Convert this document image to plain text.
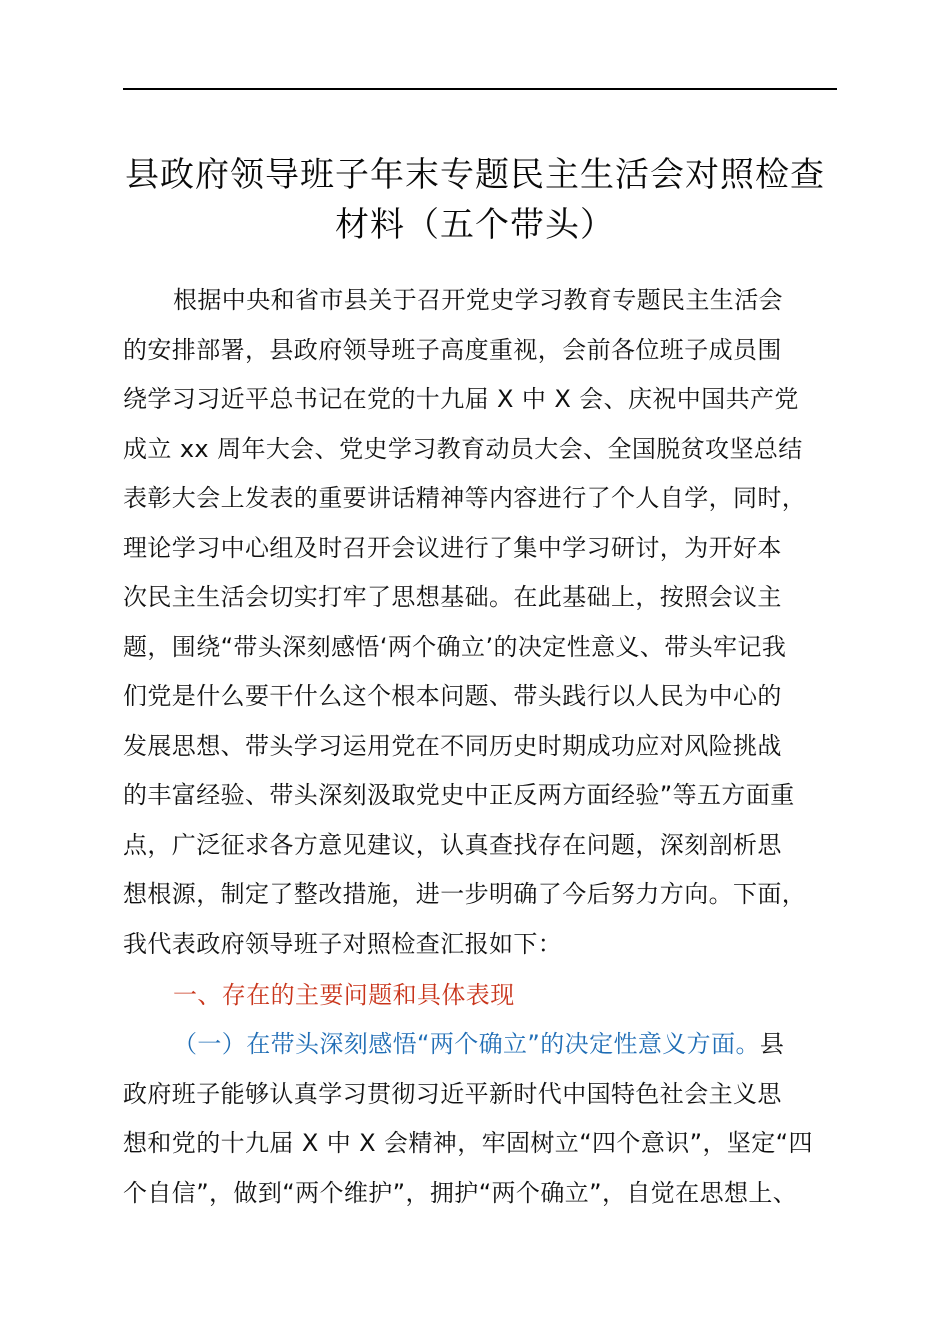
县政府领导班子年末专题民主生活会对照检查
材料（五个带头）
根据中央和省市县关于召开党史学习教育专题民主生活会
的安排部署，县政府领导班子高度重视，会前各位班子成员围
绕学习习近平总书记在党的十九届 X 中 X 会、庆祝中国共产党
成立 xx 周年大会、党史学习教育动员大会、全国脱贫攻坚总结
表彰大会上发表的重要讲话精神等内容进行了个人自学，同时，
理论学习中心组及时召开会议进行了集中学习研讨，为开好本
次民主生活会切实打牢了思想基础。在此基础上，按照会议主
题，围绕“带头深刻感悟‘两个确立’的决定性意义、带头牢记我
们党是什么要干什么这个根本问题、带头践行以人民为中心的
发展思想、带头学习运用党在不同历史时期成功应对风险挑战
的丰富经验、带头深刻汲取党史中正反两方面经验”等五方面重
点，广泛征求各方意见建议，认真查找存在问题，深刻剖析思
想根源，制定了整改措施，进一步明确了今后努力方向。下面，
我代表政府领导班子对照检查汇报如下：
一、存在的主要问题和具体表现
（一）在带头深刻感悟“两个确立”的决定性意义方面。县
政府班子能够认真学习贯彻习近平新时代中国特色社会主义思
想和党的十九届 X 中 X 会精神，牢固树立“四个意识”，坚定“四
个自信”，做到“两个维护”，拥护“两个确立”，自觉在思想上、
